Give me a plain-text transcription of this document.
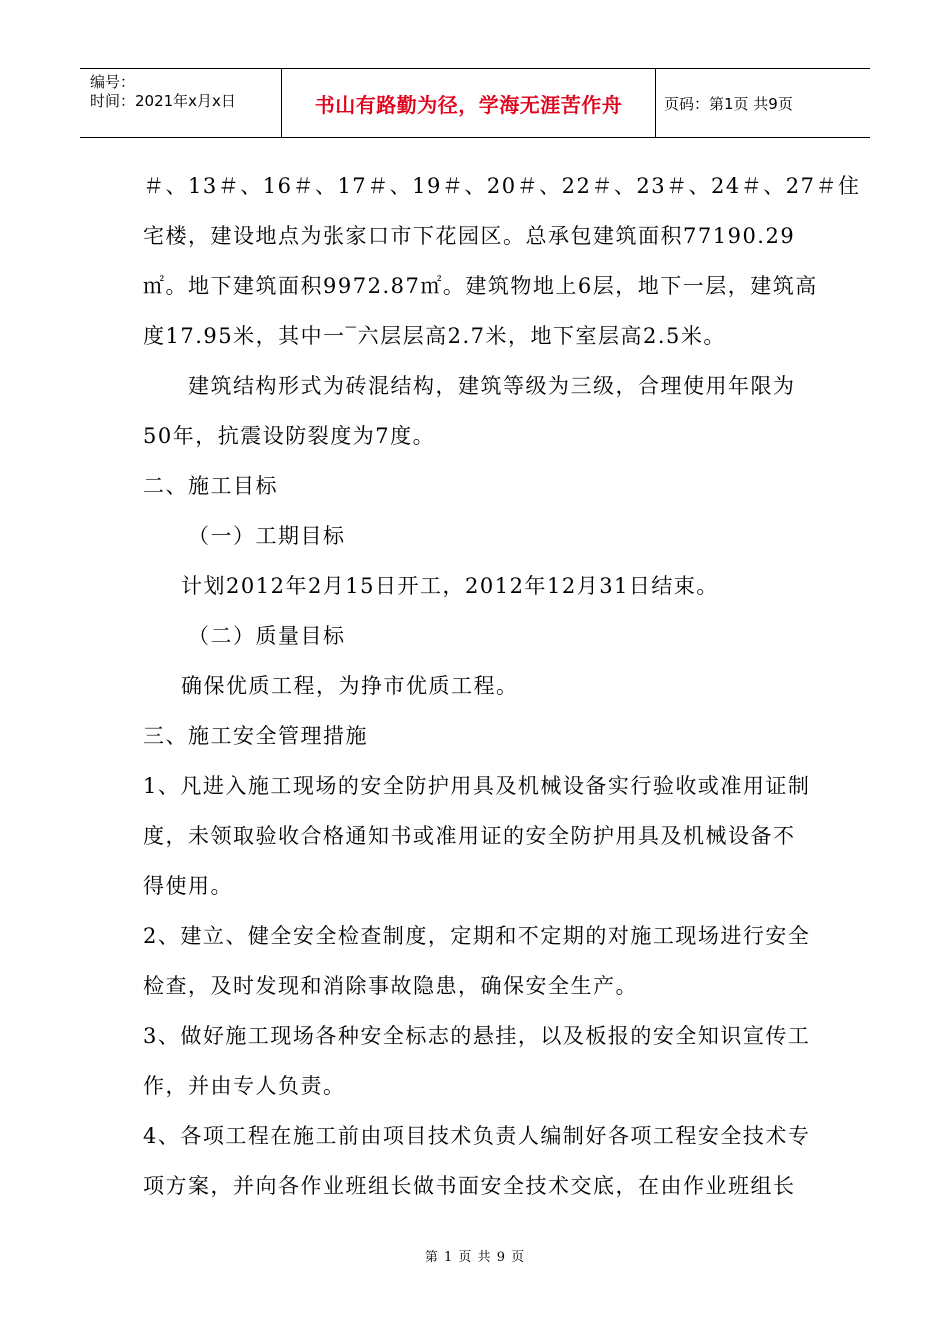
编号：
时间：2021年x月x日	书山有路勤为径，学海无涯苦作舟	页码：第1页 共9页
＃、13＃、16＃、17＃、19＃、20＃、22＃、23＃、24＃、27＃住
宅楼，建设地点为张家口市下花园区。总承包建筑面积77190.29
㎡。地下建筑面积9972.87㎡。建筑物地上6层，地下一层，建筑高
度17.95米，其中一‾六层层高2.7米，地下室层高2.5米。
建筑结构形式为砖混结构，建筑等级为三级，合理使用年限为
50年，抗震设防裂度为7度。
二、施工目标
（一）工期目标
计划2012年2月15日开工，2012年12月31日结束。
（二）质量目标
确保优质工程，为挣市优质工程。
三、施工安全管理措施
1、凡进入施工现场的安全防护用具及机械设备实行验收或准用证制
度，未领取验收合格通知书或准用证的安全防护用具及机械设备不
得使用。
2、建立、健全安全检查制度，定期和不定期的对施工现场进行安全
检查，及时发现和消除事故隐患，确保安全生产。
3、做好施工现场各种安全标志的悬挂，以及板报的安全知识宣传工
作，并由专人负责。
4、各项工程在施工前由项目技术负责人编制好各项工程安全技术专
项方案，并向各作业班组长做书面安全技术交底，在由作业班组长
第 1 页 共 9 页
